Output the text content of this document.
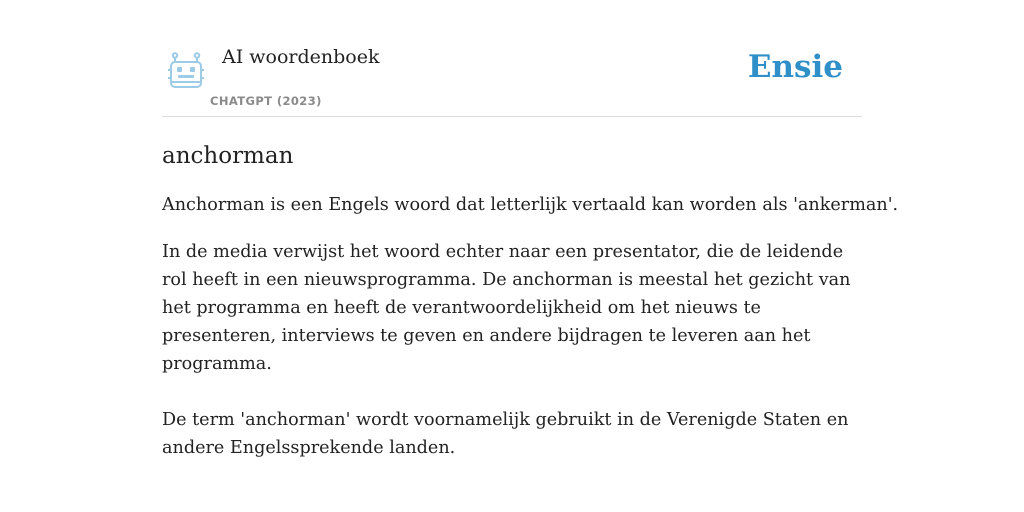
AI woordenboek
CHATGPT (2023)
Ensie
anchorman

Anchorman is een Engels woord dat letterlijk vertaald kan worden als 'ankerman'.

In de media verwijst het woord echter naar een presentator, die de leidende rol heeft in een nieuwsprogramma. De anchorman is meestal het gezicht van het programma en heeft de verantwoordelijkheid om het nieuws te presenteren, interviews te geven en andere bijdragen te leveren aan het programma.

De term 'anchorman' wordt voornamelijk gebruikt in de Verenigde Staten en andere Engelssprekende landen.
